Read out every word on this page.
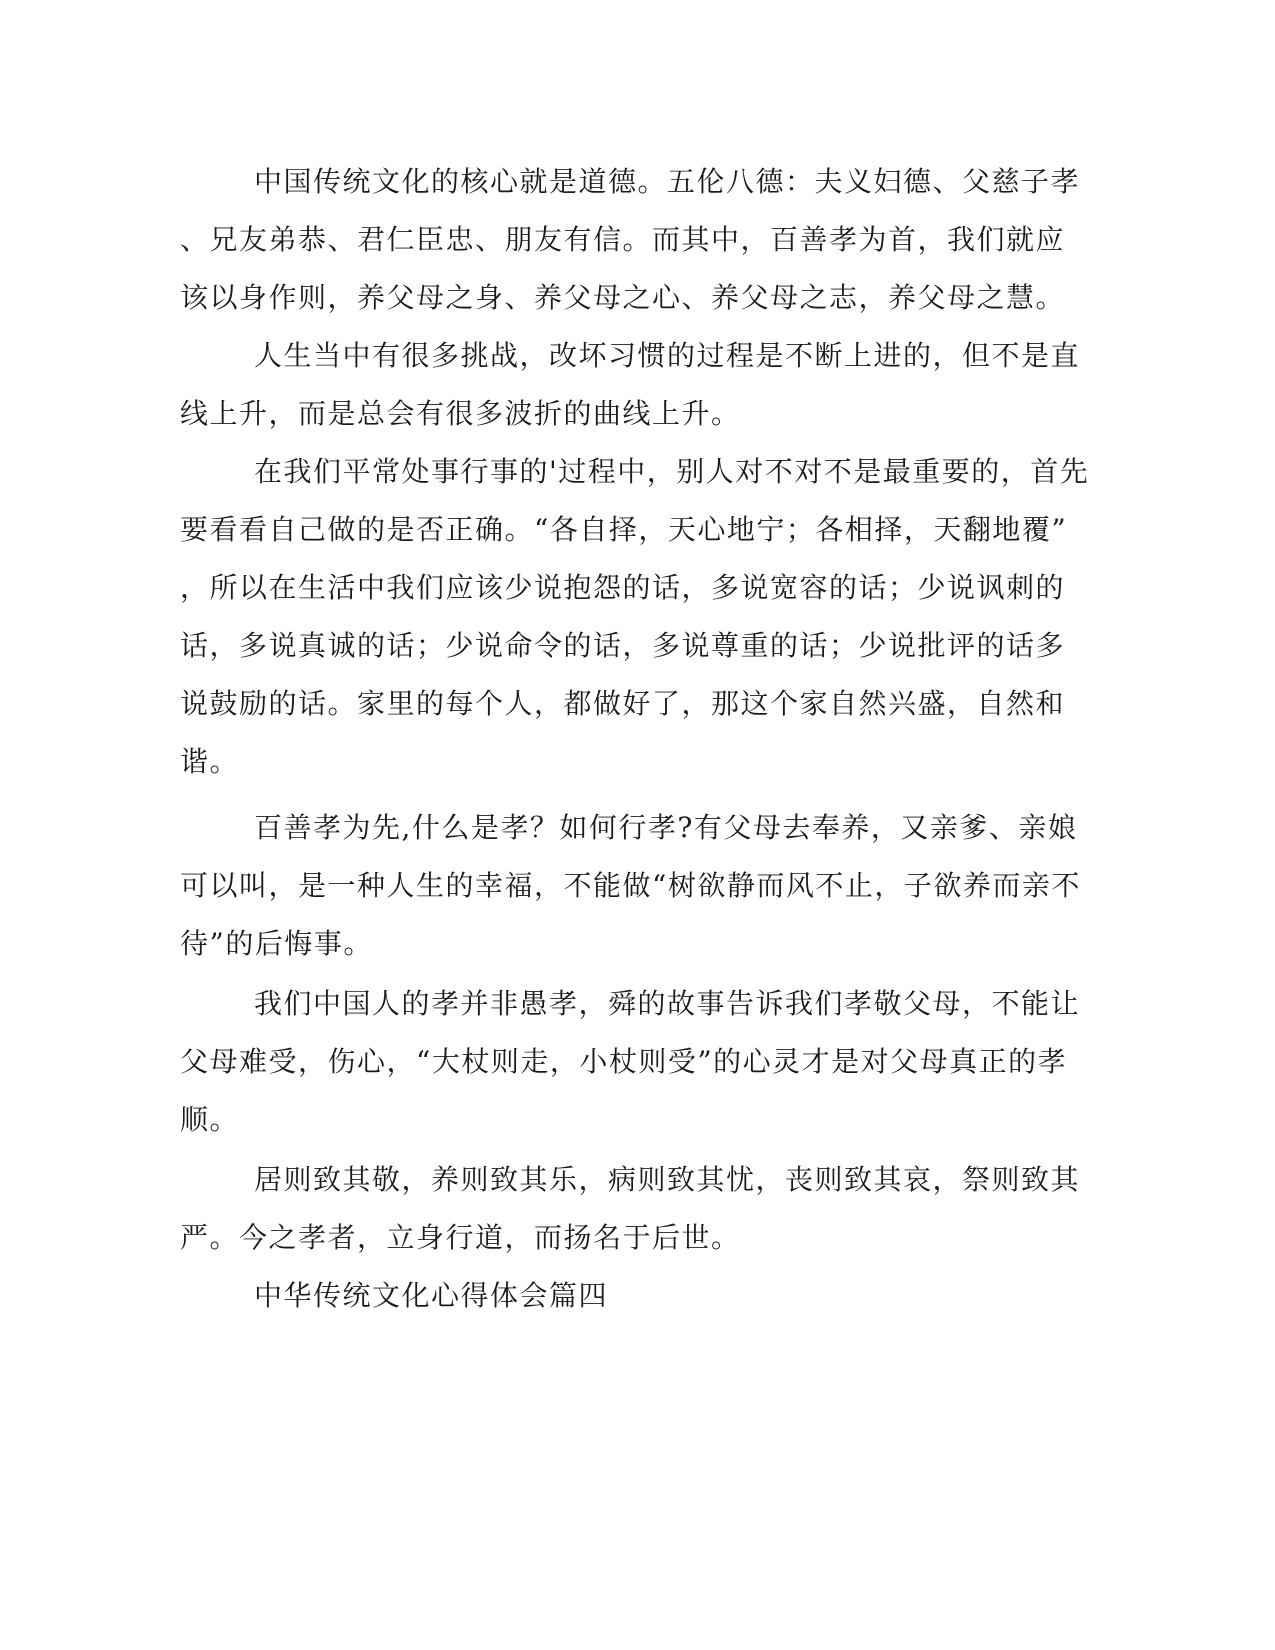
中国传统文化的核心就是道德。五伦八德：夫义妇德、父慈子孝
、兄友弟恭、君仁臣忠、朋友有信。而其中，百善孝为首，我们就应
该以身作则，养父母之身、养父母之心、养父母之志，养父母之慧。
人生当中有很多挑战，改坏习惯的过程是不断上进的，但不是直
线上升，而是总会有很多波折的曲线上升。
在我们平常处事行事的'过程中，别人对不对不是最重要的，首先
要看看自己做的是否正确。“各自择，天心地宁；各相择，天翻地覆”
，所以在生活中我们应该少说抱怨的话，多说宽容的话；少说讽刺的
话，多说真诚的话；少说命令的话，多说尊重的话；少说批评的话多
说鼓励的话。家里的每个人，都做好了，那这个家自然兴盛，自然和
谐。
百善孝为先,什么是孝？如何行孝?有父母去奉养，又亲爹、亲娘
可以叫，是一种人生的幸福，不能做“树欲静而风不止，子欲养而亲不
待”的后悔事。
我们中国人的孝并非愚孝，舜的故事告诉我们孝敬父母，不能让
父母难受，伤心，“大杖则走，小杖则受”的心灵才是对父母真正的孝
顺。
居则致其敬，养则致其乐，病则致其忧，丧则致其哀，祭则致其
严。今之孝者，立身行道，而扬名于后世。
中华传统文化心得体会篇四
